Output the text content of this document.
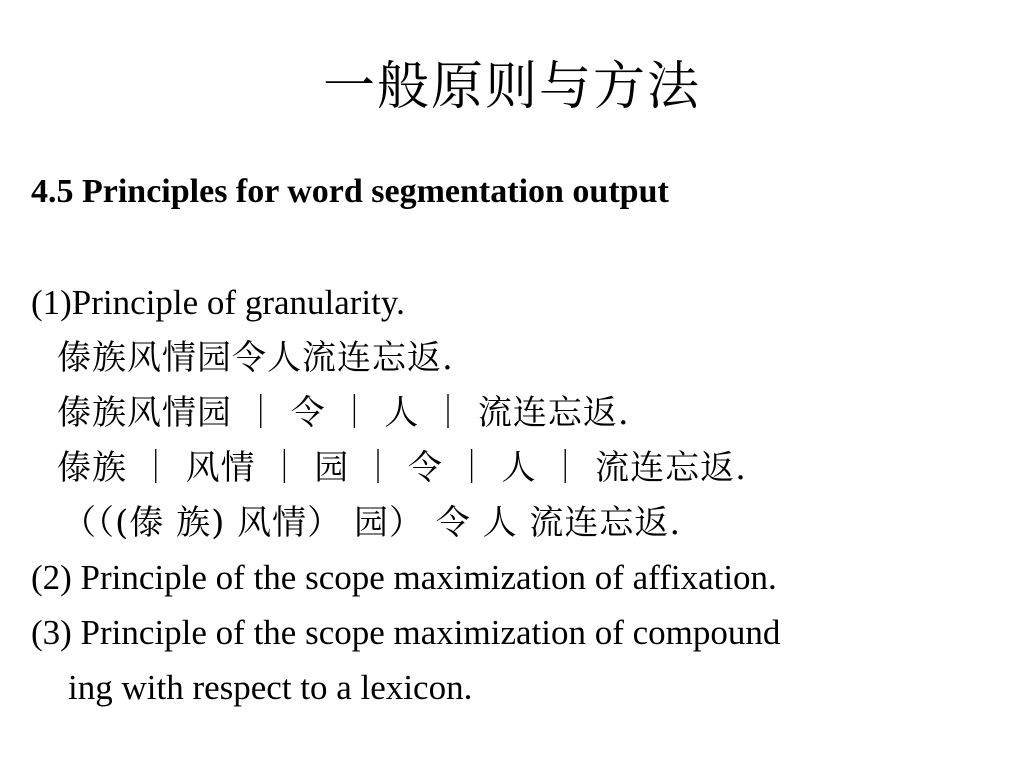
一般原则与方法
4.5 Principles for word segmentation output
(1)Principle of granularity.
傣族风情园令人流连忘返.
傣族风情园 ｜ 令 ｜ 人 ｜ 流连忘返.
傣族 ｜ 风情 ｜ 园 ｜ 令 ｜ 人 ｜ 流连忘返.
（（(傣 族) 风情） 园） 令 人 流连忘返.
(2) Principle of the scope maximization of affixation.
(3) Principle of the scope maximization of compound
ing with respect to a lexicon.
